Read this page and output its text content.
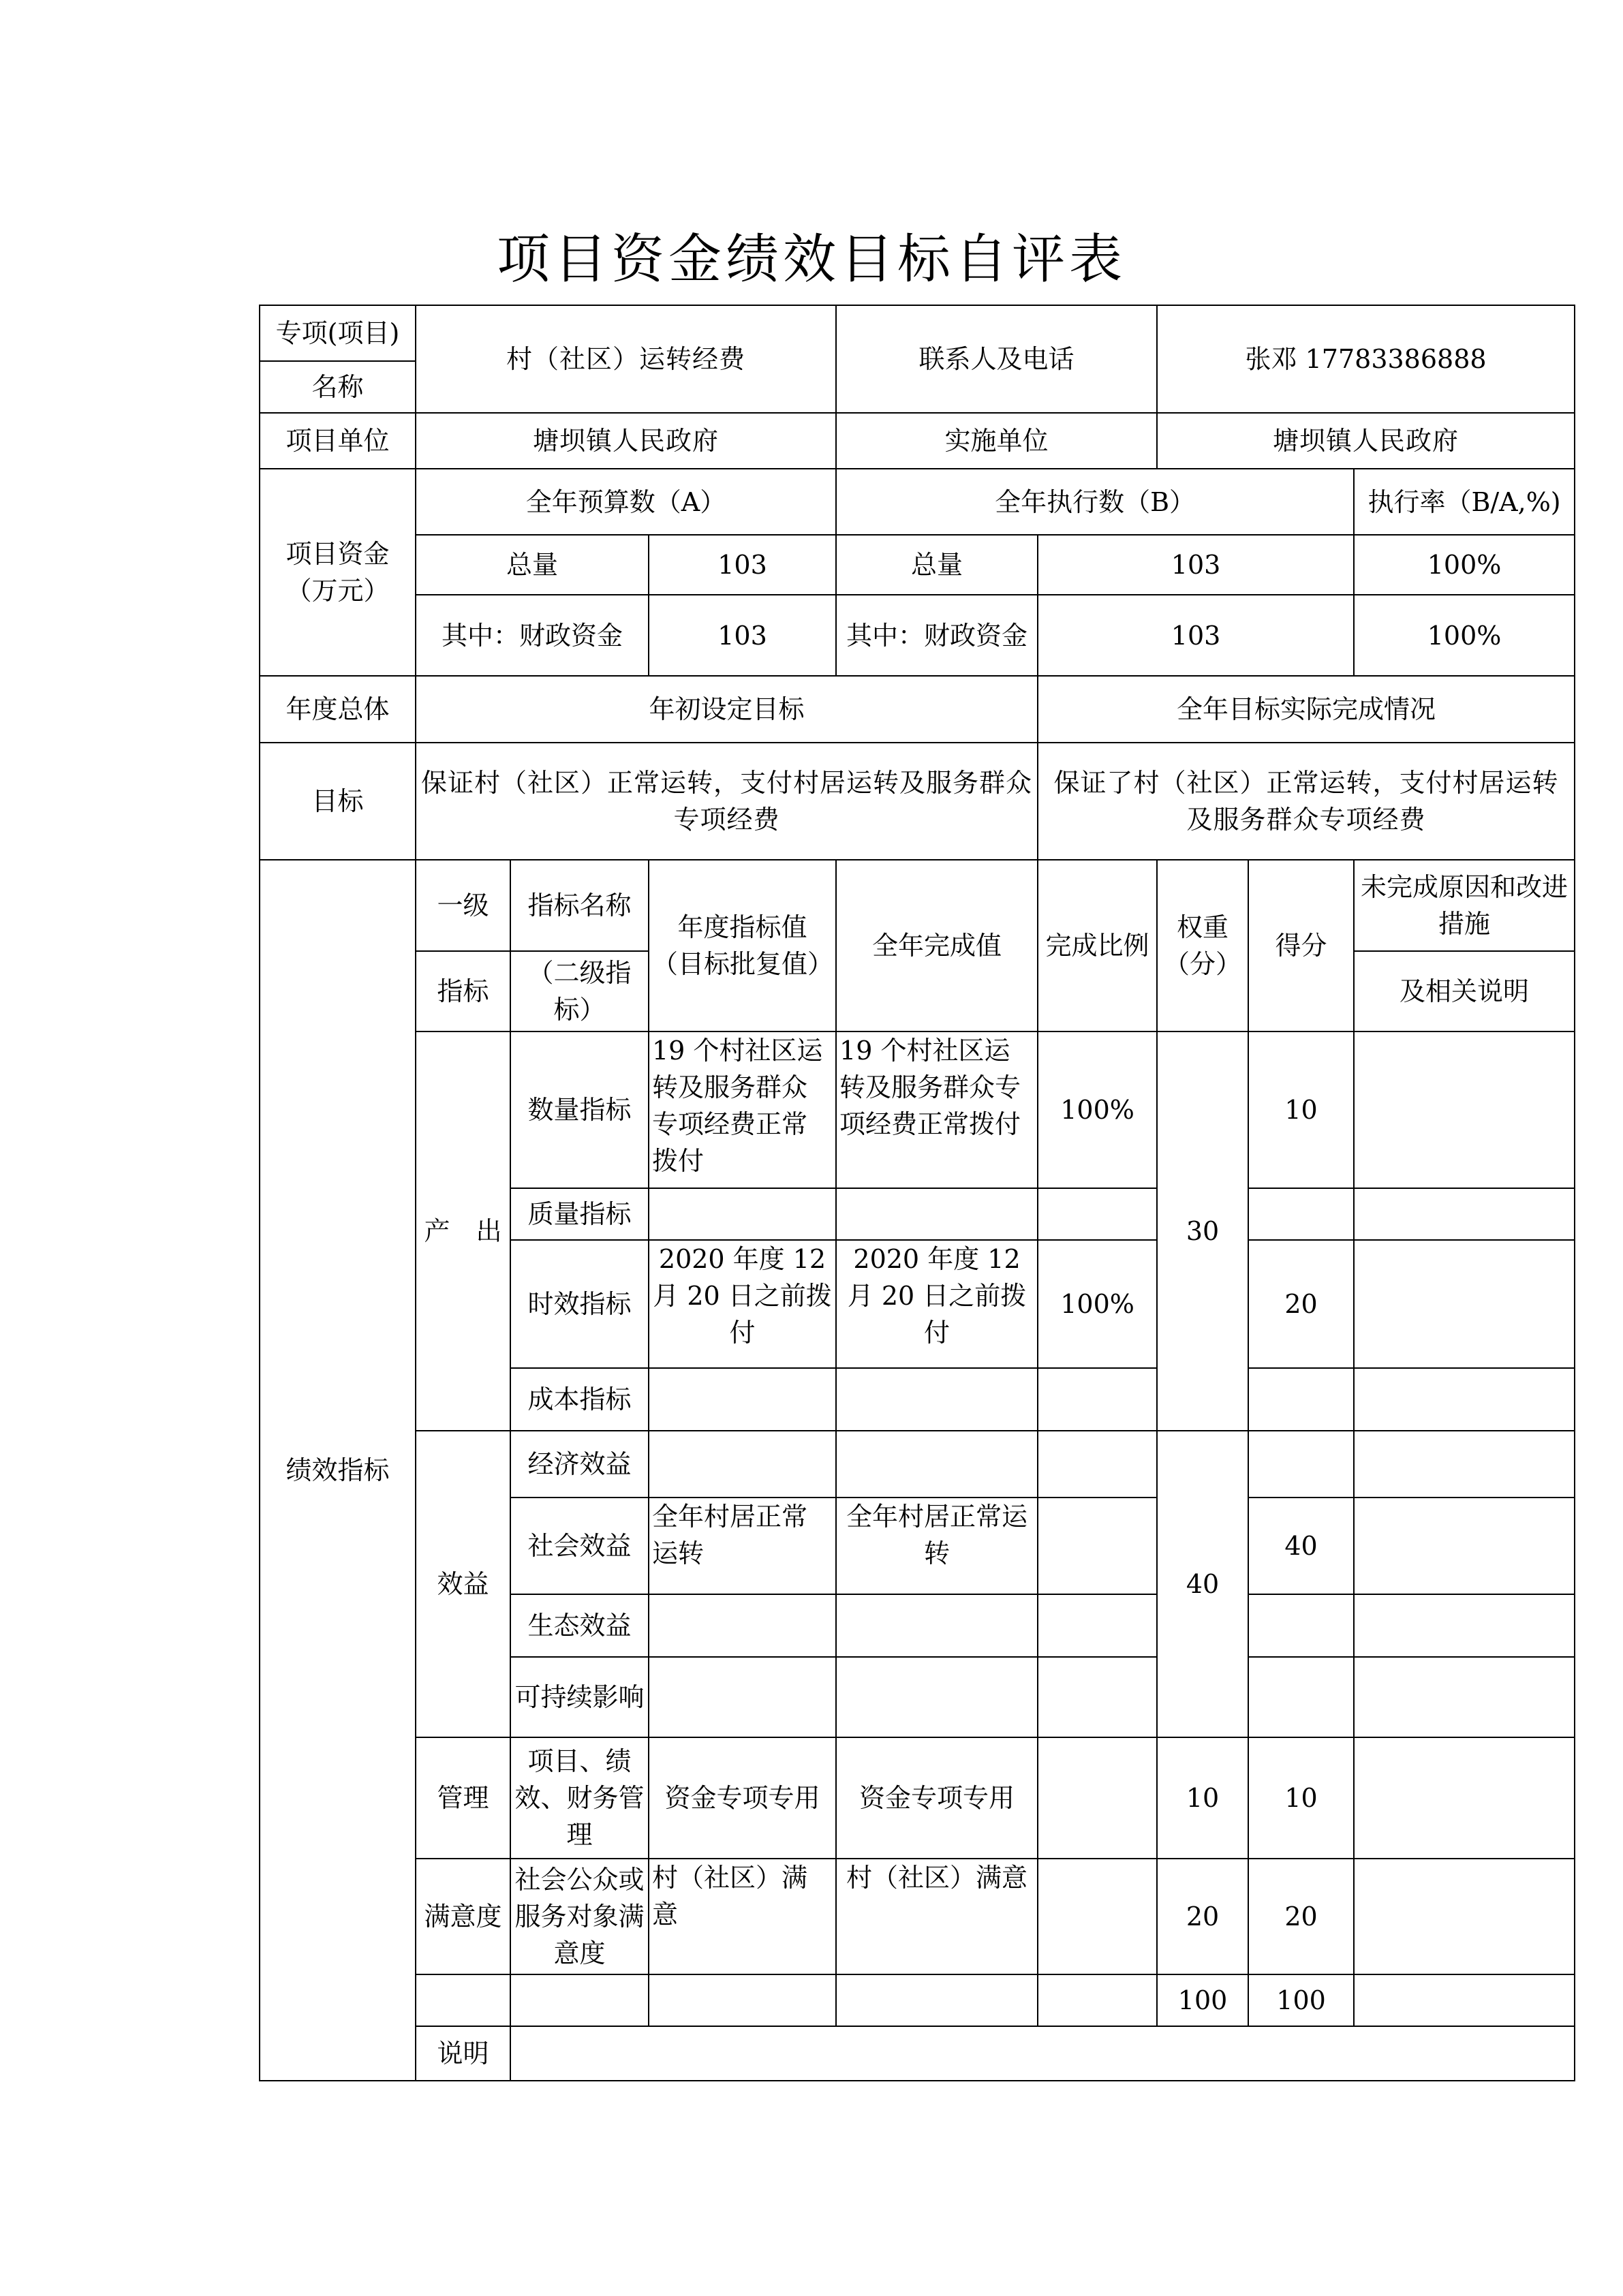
项目资金绩效目标自评表
专项(项目)	村（社区）运转经费			联系人及电话		张邓 17783386888		
名称								
项目单位	塘坝镇人民政府			实施单位		塘坝镇人民政府		
项目资金（万元）	全年预算数（A）			全年执行数（B）				执行率（B/A,%)
	总量		103	总量	103			100%
	其中：财政资金		103	其中：财政资金	103			100%
年度总体	年初设定目标				全年目标实际完成情况			
目标	保证村（社区）正常运转，支付村居运转及服务群众专项经费				保证了村（社区）正常运转，支付村居运转及服务群众专项经费			
绩效指标	一级	指标名称	年度指标值（目标批复值）	全年完成值	完成比例	权重（分）	得分	未完成原因和改进措施
	指标	（二级指标）						及相关说明
	产　出	数量指标	19 个村社区运转及服务群众专项经费正常拨付	19 个村社区运转及服务群众专项经费正常拨付	100%	30	10	
		质量指标						
		时效指标	2020 年度 12 月 20 日之前拨付	2020 年度 12 月 20 日之前拨付	100%		20	
		成本指标						
	效益	经济效益				40		
		社会效益	全年村居正常运转	全年村居正常运转			40	
		生态效益						
		可持续影响						
	管理	项目、绩效、财务管理	资金专项专用	资金专项专用		10	10	
	满意度	社会公众或服务对象满意度	村（社区）满意	村（社区）满意		20	20	
						100	100	
	说明							
